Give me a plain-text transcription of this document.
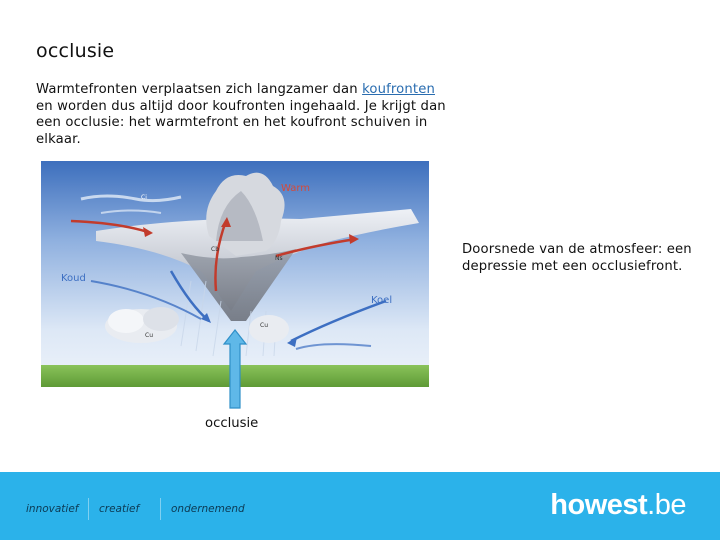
occlusie
Warmtefronten verplaatsen zich langzamer dan koufronten en worden dus altijd door koufronten ingehaald. Je krijgt dan een occlusie: het warmtefront en het koufront schuiven in elkaar.
Warm
Koud
Koel
Ci
Cb
Ns
Cu
Cu
Doorsnede van de atmosfeer: een depressie met een occlusiefront.
occlusie
innovatief creatief	ondernemend	howest.be
